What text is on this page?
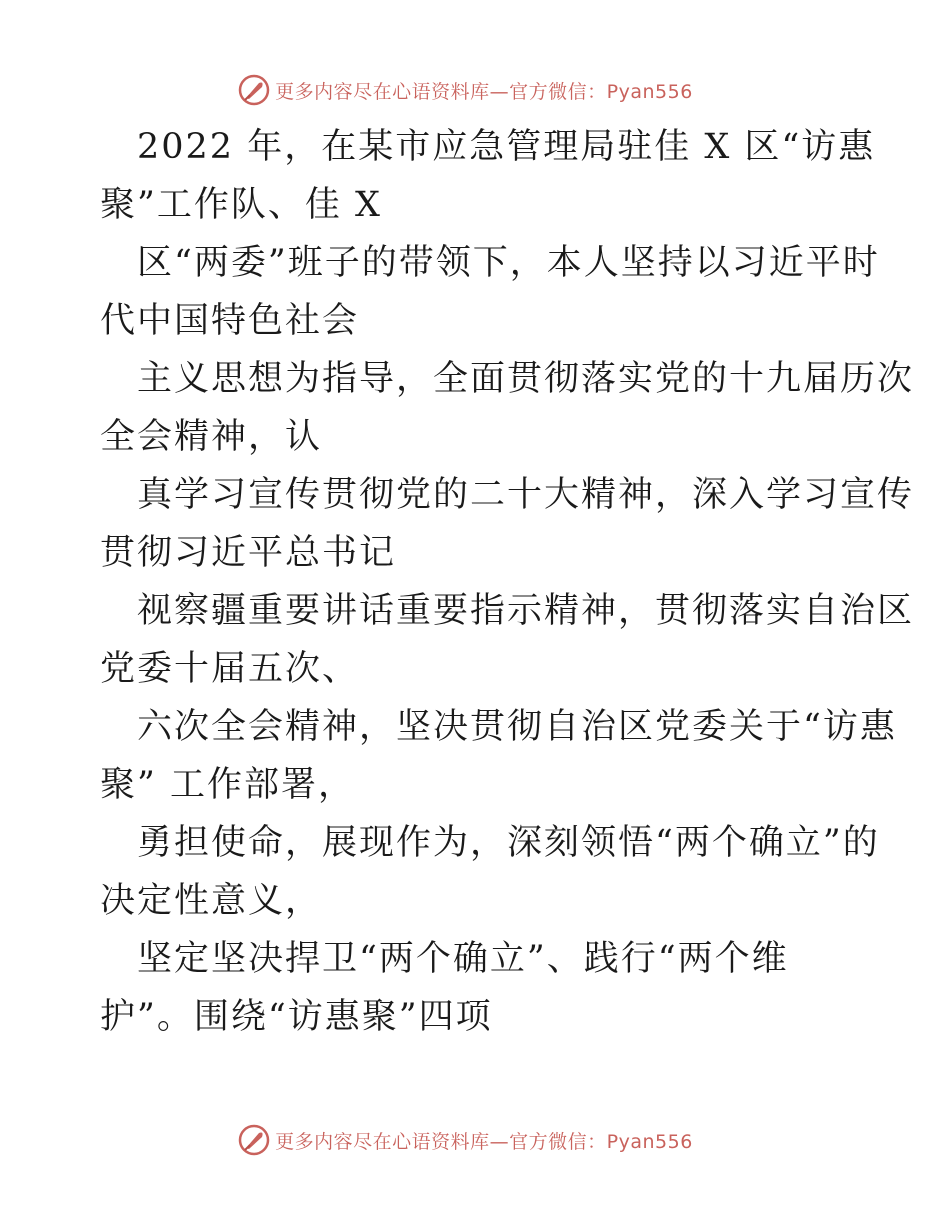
更多内容尽在心语资料库—官方微信：Pyan556
2022 年，在某市应急管理局驻佳 X 区“访惠
聚”工作队、佳 X
区“两委”班子的带领下，本人坚持以习近平时
代中国特色社会
主义思想为指导，全面贯彻落实党的十九届历次
全会精神，认
真学习宣传贯彻党的二十大精神，深入学习宣传
贯彻习近平总书记
视察疆重要讲话重要指示精神，贯彻落实自治区
党委十届五次、
六次全会精神，坚决贯彻自治区党委关于“访惠
聚” 工作部署，
勇担使命，展现作为，深刻领悟“两个确立”的
决定性意义，
坚定坚决捍卫“两个确立”、践行“两个维
护”。围绕“访惠聚”四项
更多内容尽在心语资料库—官方微信：Pyan556
